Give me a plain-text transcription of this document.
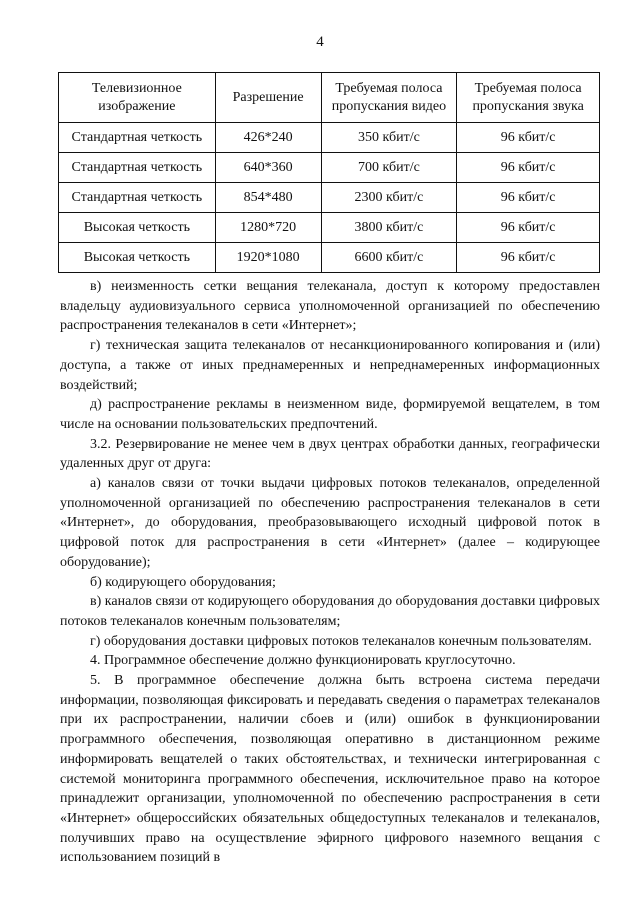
4
Телевизионное изображение	Разрешение	Требуемая полоса пропускания видео	Требуемая полоса пропускания звука
Стандартная четкость	426*240	350 кбит/с	96 кбит/с
Стандартная четкость	640*360	700 кбит/с	96 кбит/с
Стандартная четкость	854*480	2300 кбит/с	96 кбит/с
Высокая четкость	1280*720	3800 кбит/с	96 кбит/с
Высокая четкость	1920*1080	6600 кбит/с	96 кбит/с

в) неизменность сетки вещания телеканала, доступ к которому предоставлен владельцу аудиовизуального сервиса уполномоченной организацией по обеспечению распространения телеканалов в сети «Интернет»;

г) техническая защита телеканалов от несанкционированного копирования и (или) доступа, а также от иных преднамеренных и непреднамеренных информационных воздействий;

д) распространение рекламы в неизменном виде, формируемой вещателем, в том числе на основании пользовательских предпочтений.

3.2. Резервирование не менее чем в двух центрах обработки данных, географически удаленных друг от друга:

а) каналов связи от точки выдачи цифровых потоков телеканалов, определенной уполномоченной организацией по обеспечению распространения телеканалов в сети «Интернет», до оборудования, преобразовывающего исходный цифровой поток в цифровой поток для распространения в сети «Интернет» (далее – кодирующее оборудование);

б) кодирующего оборудования;

в) каналов связи от кодирующего оборудования до оборудования доставки цифровых потоков телеканалов конечным пользователям;

г) оборудования доставки цифровых потоков телеканалов конечным пользователям.

4. Программное обеспечение должно функционировать круглосуточно.

5. В программное обеспечение должна быть встроена система передачи информации, позволяющая фиксировать и передавать сведения о параметрах телеканалов при их распространении, наличии сбоев и (или) ошибок в функционировании программного обеспечения, позволяющая оперативно в дистанционном режиме информировать вещателей о таких обстоятельствах, и технически интегрированная с системой мониторинга программного обеспечения, исключительное право на которое принадлежит организации, уполномоченной по обеспечению распространения в сети «Интернет» общероссийских обязательных общедоступных телеканалов и телеканалов, получивших право на осуществление эфирного цифрового наземного вещания с использованием позиций в
